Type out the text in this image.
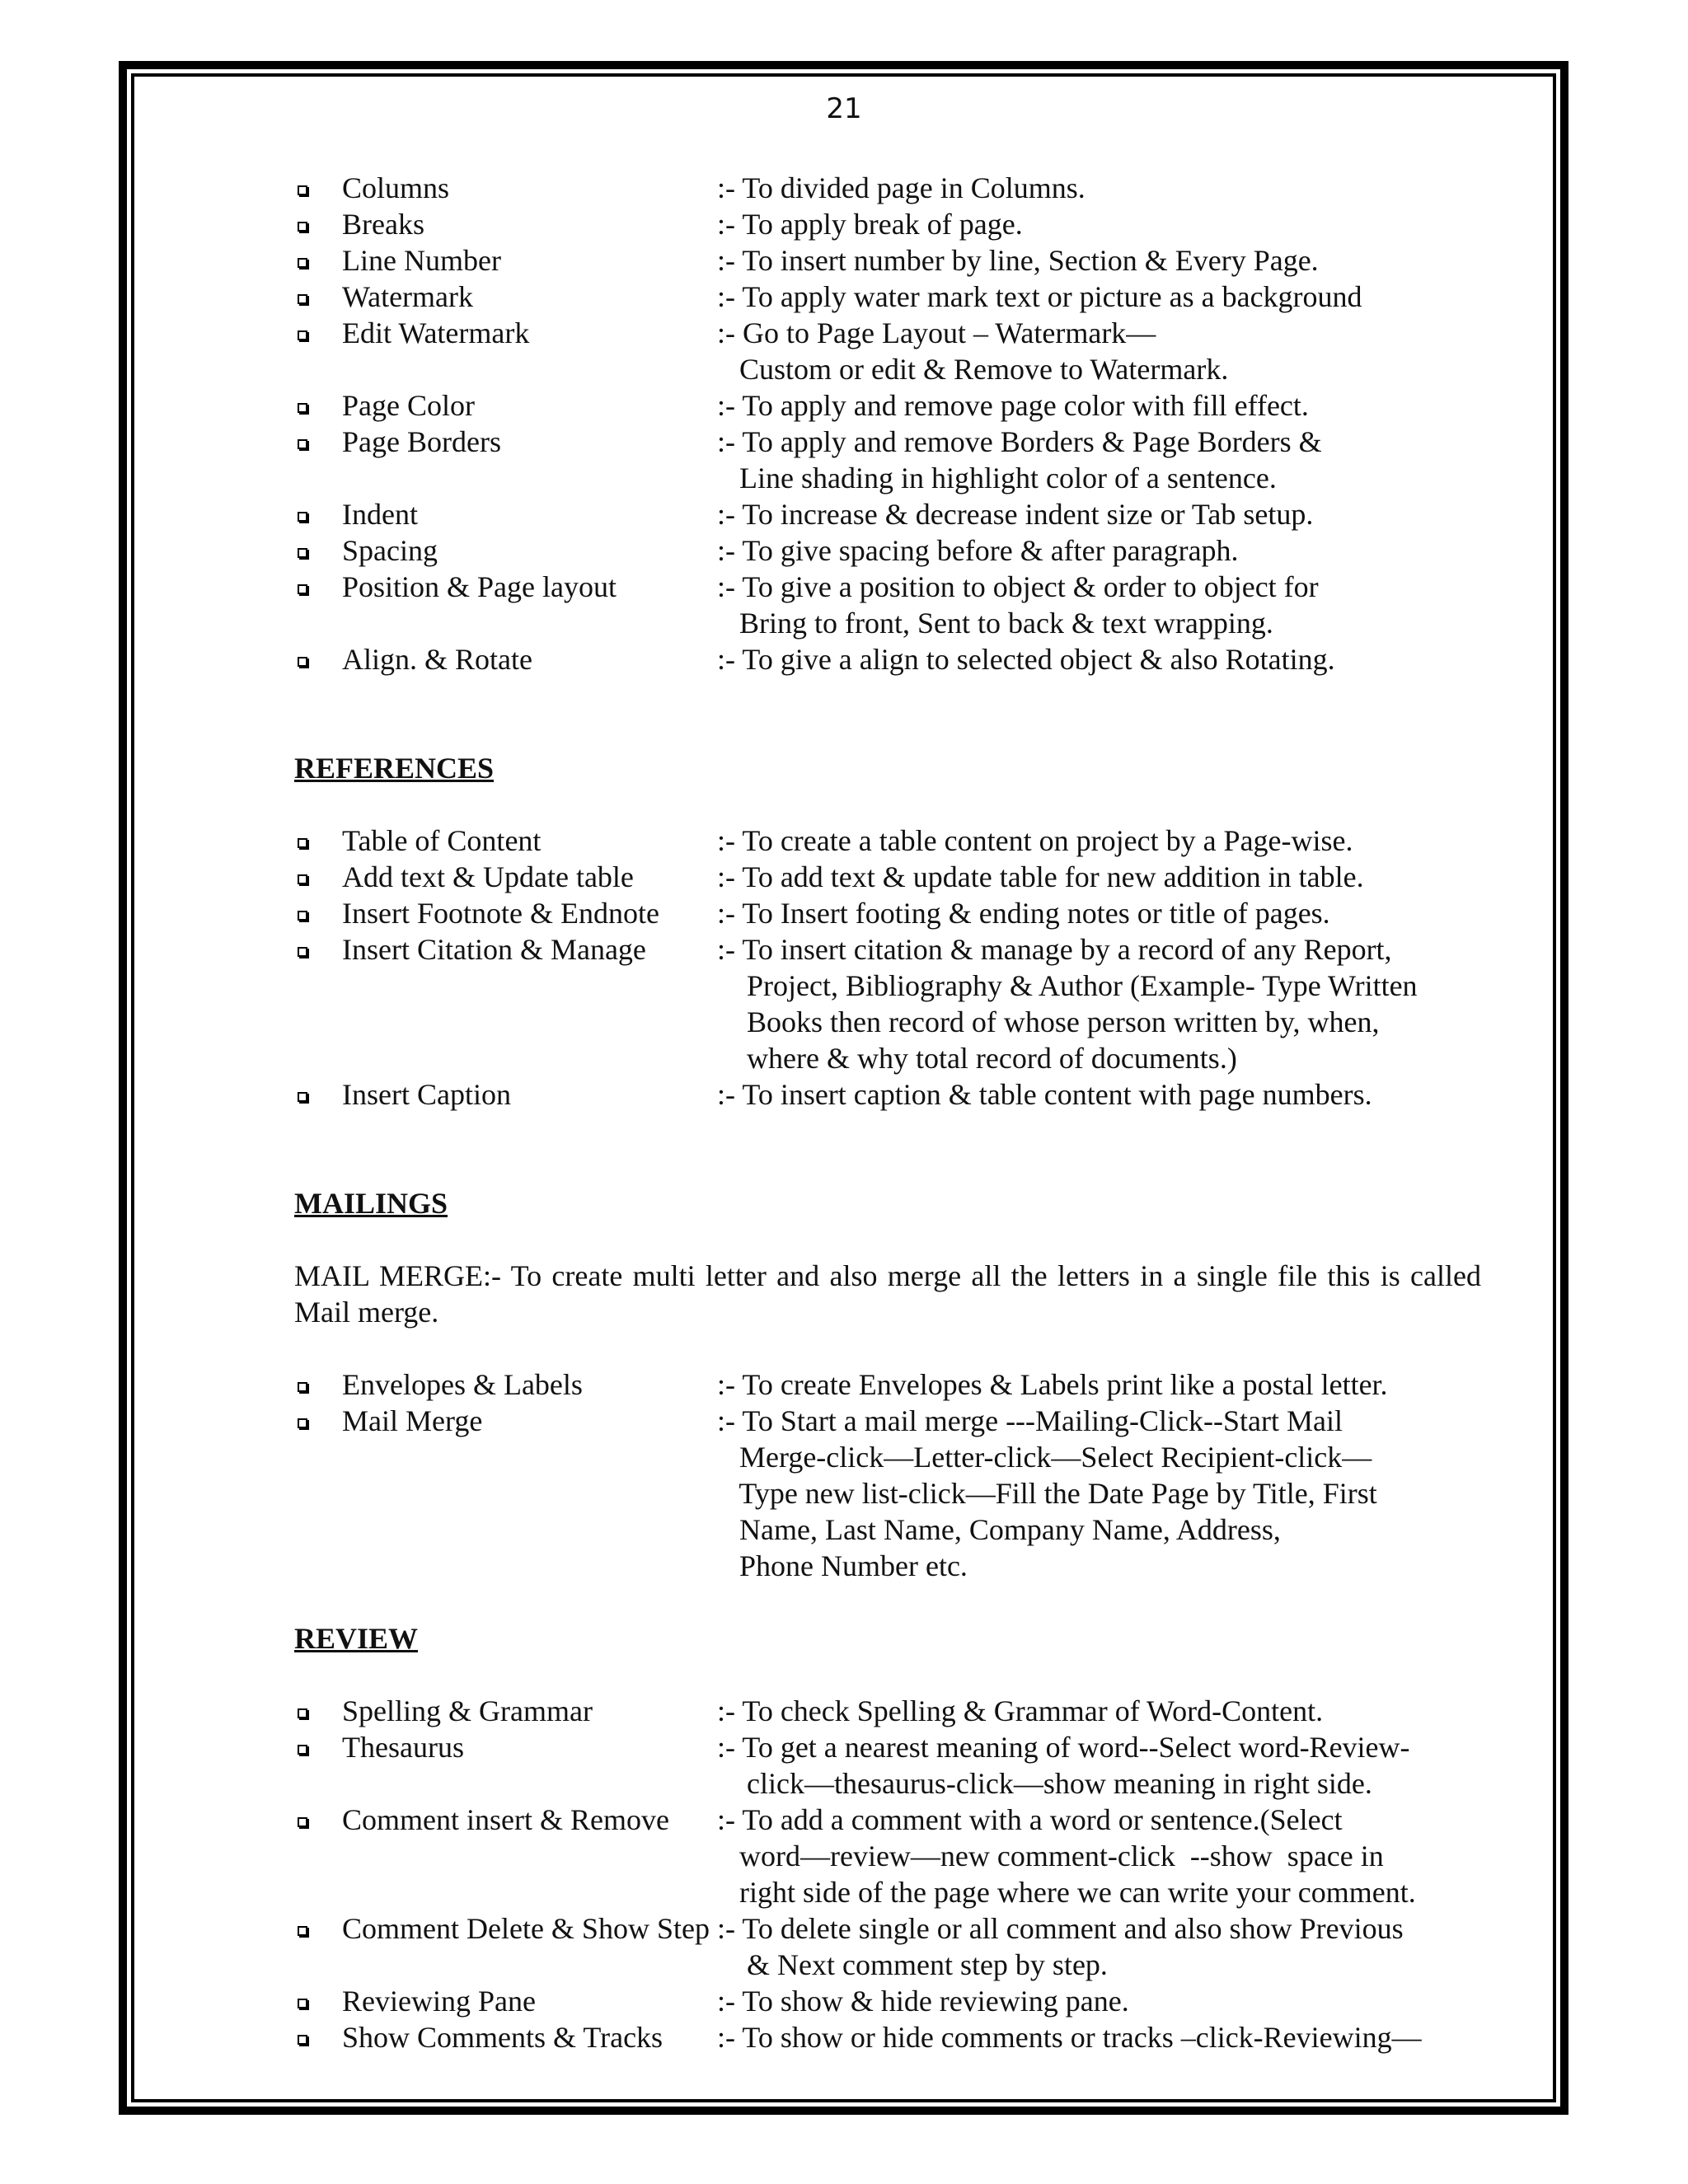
21
Columns	:- To divided page in Columns.
Breaks	:- To apply break of page.
Line Number	:- To insert number by line, Section & Every Page.
Watermark	:- To apply water mark text or picture as a background
Edit Watermark	:- Go to Page Layout – Watermark—
Custom or edit & Remove to Watermark.
Page Color	:- To apply and remove page color with fill effect.
Page Borders	:- To apply and remove Borders & Page Borders &
Line shading in highlight color of a sentence.
Indent	:- To increase & decrease indent size or Tab setup.
Spacing	:- To give spacing before & after paragraph.
Position & Page layout	:- To give a position to object & order to object for
Bring to front, Sent to back & text wrapping.
Align. & Rotate	:- To give a align to selected object & also Rotating.
REFERENCES
Table of Content	:- To create a table content on project by a Page-wise.
Add text & Update table	:- To add text & update table for new addition in table.
Insert Footnote & Endnote	:- To Insert footing & ending notes or title of pages.
Insert Citation & Manage	:- To insert citation & manage by a record of any Report,
Project, Bibliography & Author (Example- Type Written
Books then record of whose person written by, when,
where & why total record of documents.)
Insert Caption	:- To insert caption & table content with page numbers.
MAILINGS
MAIL MERGE:- To create multi letter and also merge all the letters in a single file this is called Mail merge.
Envelopes & Labels	:- To create Envelopes & Labels print like a postal letter.
Mail Merge	:- To Start a mail merge ---Mailing-Click--Start Mail
Merge-click—Letter-click—Select Recipient-click—
Type new list-click—Fill the Date Page by Title, First
Name, Last Name, Company Name, Address,
Phone Number etc.
REVIEW
Spelling & Grammar	:- To check Spelling & Grammar of Word-Content.
Thesaurus	:- To get a nearest meaning of word--Select word-Review-
click—thesaurus-click—show meaning in right side.
Comment insert & Remove	:- To add a comment with a word or sentence.(Select
word—review—new comment-click  --show  space in
right side of the page where we can write your comment.
Comment Delete & Show Step :- To delete single or all comment and also show Previous
& Next comment step by step.
Reviewing Pane	:- To show & hide reviewing pane.
Show Comments & Tracks	:- To show or hide comments or tracks –click-Reviewing—
